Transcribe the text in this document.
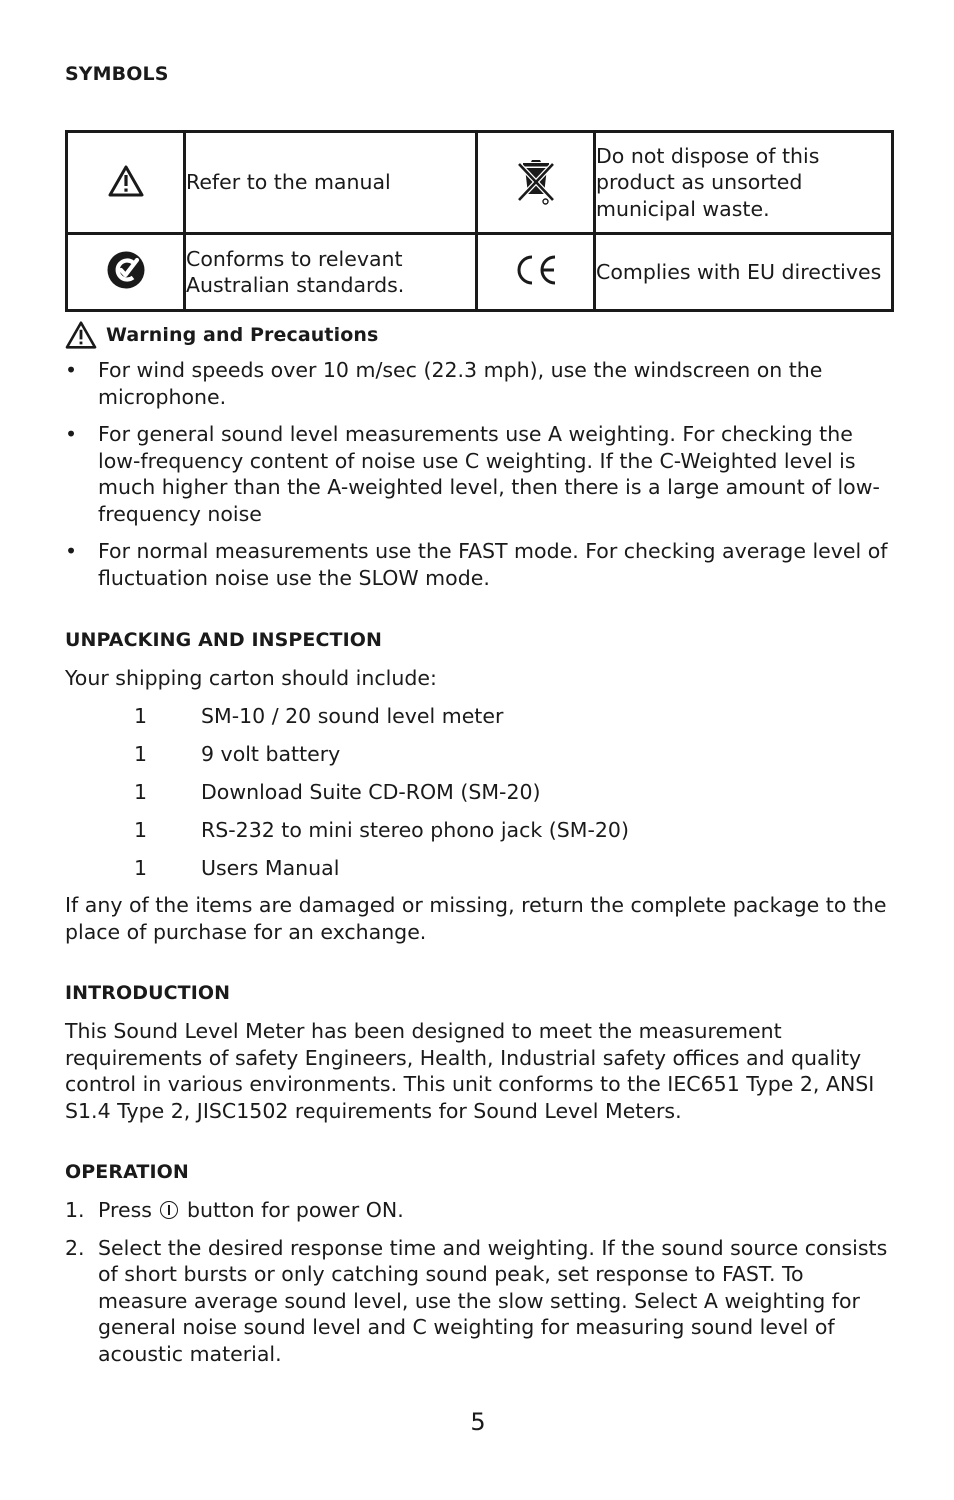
SYMBOLS
	Refer to the manual		Do not dispose of this product as unsorted municipal waste.
	Conforms to relevant Australian standards.		Complies with EU directives
Warning and Precautions
• For wind speeds over 10 m/sec (22.3 mph), use the windscreen on the microphone.
• For general sound level measurements use A weighting. For checking the low-frequency content of noise use C weighting. If the C-Weighted level is much higher than the A-weighted level, then there is a large amount of low-frequency noise
• For normal measurements use the FAST mode. For checking average level of fluctuation noise use the SLOW mode.
UNPACKING AND INSPECTION
Your shipping carton should include:
1	SM-10 / 20 sound level meter
1	9 volt battery
1	Download Suite CD-ROM (SM-20)
1	RS-232 to mini stereo phono jack (SM-20)
1	Users Manual
If any of the items are damaged or missing, return the complete package to the place of purchase for an exchange.
INTRODUCTION
This Sound Level Meter has been designed to meet the measurement requirements of safety Engineers, Health, Industrial safety offices and quality control in various environments. This unit conforms to the IEC651 Type 2, ANSI S1.4 Type 2, JISC1502 requirements for Sound Level Meters.
OPERATION
1. Press button for power ON.
2. Select the desired response time and weighting. If the sound source consists of short bursts or only catching sound peak, set response to FAST. To measure average sound level, use the slow setting. Select A weighting for general noise sound level and C weighting for measuring sound level of acoustic material.
5
